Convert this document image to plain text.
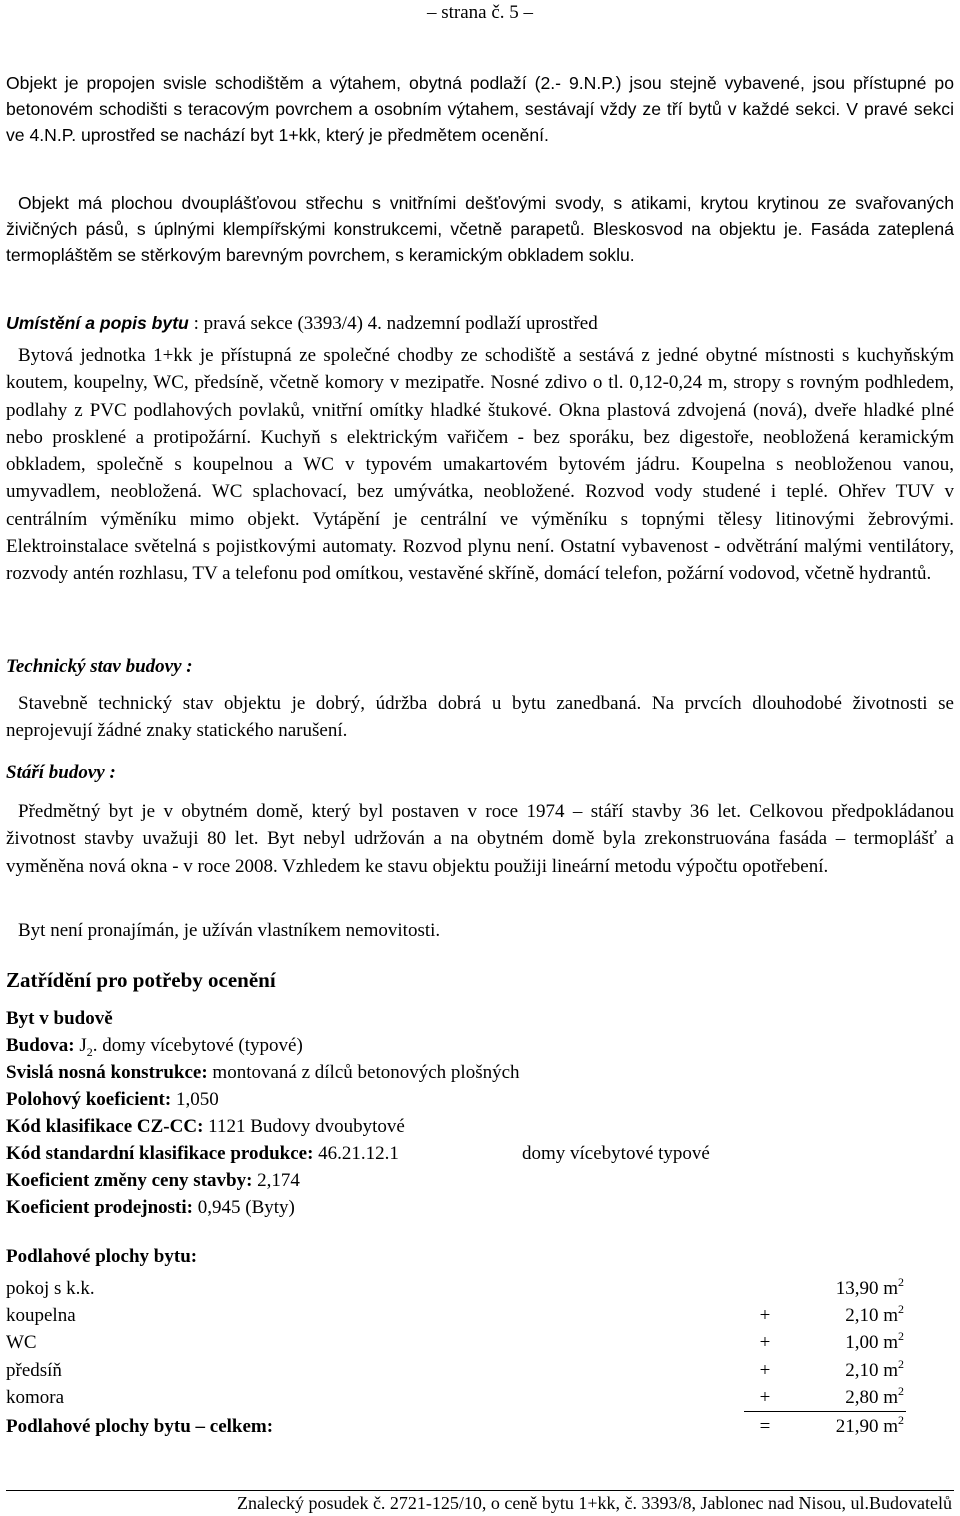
– strana č. 5 –
Objekt je propojen svisle schodištěm a výtahem, obytná podlaží (2.- 9.N.P.) jsou stejně vybavené, jsou přístupné po betonovém schodišti s teracovým povrchem a osobním výtahem, sestávají vždy ze tří bytů v každé sekci. V pravé sekci ve 4.N.P. uprostřed se nachází byt 1+kk, který je předmětem ocenění.
Objekt má plochou dvouplášťovou střechu s vnitřními dešťovými svody, s atikami, krytou krytinou ze svařovaných živičných pásů, s úplnými klempířskými konstrukcemi, včetně parapetů. Bleskosvod na objektu je. Fasáda zateplená termopláštěm se stěrkovým barevným povrchem, s keramickým obkladem soklu.
Umístění a popis bytu : pravá sekce (3393/4) 4. nadzemní podlaží uprostřed
Bytová jednotka 1+kk je přístupná ze společné chodby ze schodiště a sestává z jedné obytné místnosti s kuchyňským koutem, koupelny, WC, předsíně, včetně komory v mezipatře. Nosné zdivo o tl. 0,12-0,24 m, stropy s rovným podhledem, podlahy z PVC podlahových povlaků, vnitřní omítky hladké štukové. Okna plastová zdvojená (nová), dveře hladké plné nebo prosklené a protipožární. Kuchyň s elektrickým vařičem - bez sporáku, bez digestoře, neobložená keramickým obkladem, společně s koupelnou a WC v typovém umakartovém bytovém jádru. Koupelna s neobloženou vanou, umyvadlem, neobložená. WC splachovací, bez umývátka, neobložené. Rozvod vody studené i teplé. Ohřev TUV v centrálním výměníku mimo objekt. Vytápění je centrální ve výměníku s topnými tělesy litinovými žebrovými. Elektroinstalace světelná s pojistkovými automaty. Rozvod plynu není. Ostatní vybavenost - odvětrání malými ventilátory, rozvody antén rozhlasu, TV a telefonu pod omítkou, vestavěné skříně, domácí telefon, požární vodovod, včetně hydrantů.
Technický stav budovy :
Stavebně technický stav objektu je dobrý, údržba dobrá u bytu zanedbaná. Na prvcích dlouhodobé životnosti se neprojevují žádné znaky statického narušení.
Stáří budovy :
Předmětný byt je v obytném domě, který byl postaven v roce 1974 – stáří stavby 36 let. Celkovou předpokládanou životnost stavby uvažuji 80 let. Byt nebyl udržován a na obytném domě byla zrekonstruována fasáda – termoplášť a vyměněna nová okna - v roce 2008. Vzhledem ke stavu objektu použiji lineární metodu výpočtu opotřebení.
Byt není pronajímán, je užíván vlastníkem nemovitosti.
Zatřídění pro potřeby ocenění
Byt v budově
Budova: $J_2$. domy vícebytové (typové)
Svislá nosná konstrukce: montovaná z dílců betonových plošných
Polohový koeficient: 1,050
Kód klasifikace CZ-CC: 1121 Budovy dvoubytové
Kód standardní klasifikace produkce: 46.21.12.1	domy vícebytové typové
Koeficient změny ceny stavby: 2,174
Koeficient prodejnosti: 0,945 (Byty)
Podlahové plochy bytu:
pokoj s k.k.	13,90 $m^2$
koupelna	+	2,10 $m^2$
WC	+	1,00 $m^2$
předsíň	+	2,10 $m^2$
komora	+	2,80 $m^2$
Podlahové plochy bytu – celkem:	=	21,90 $m^2$
Znalecký posudek č. 2721-125/10, o ceně bytu 1+kk, č. 3393/8, Jablonec nad Nisou, ul.Budovatelů
